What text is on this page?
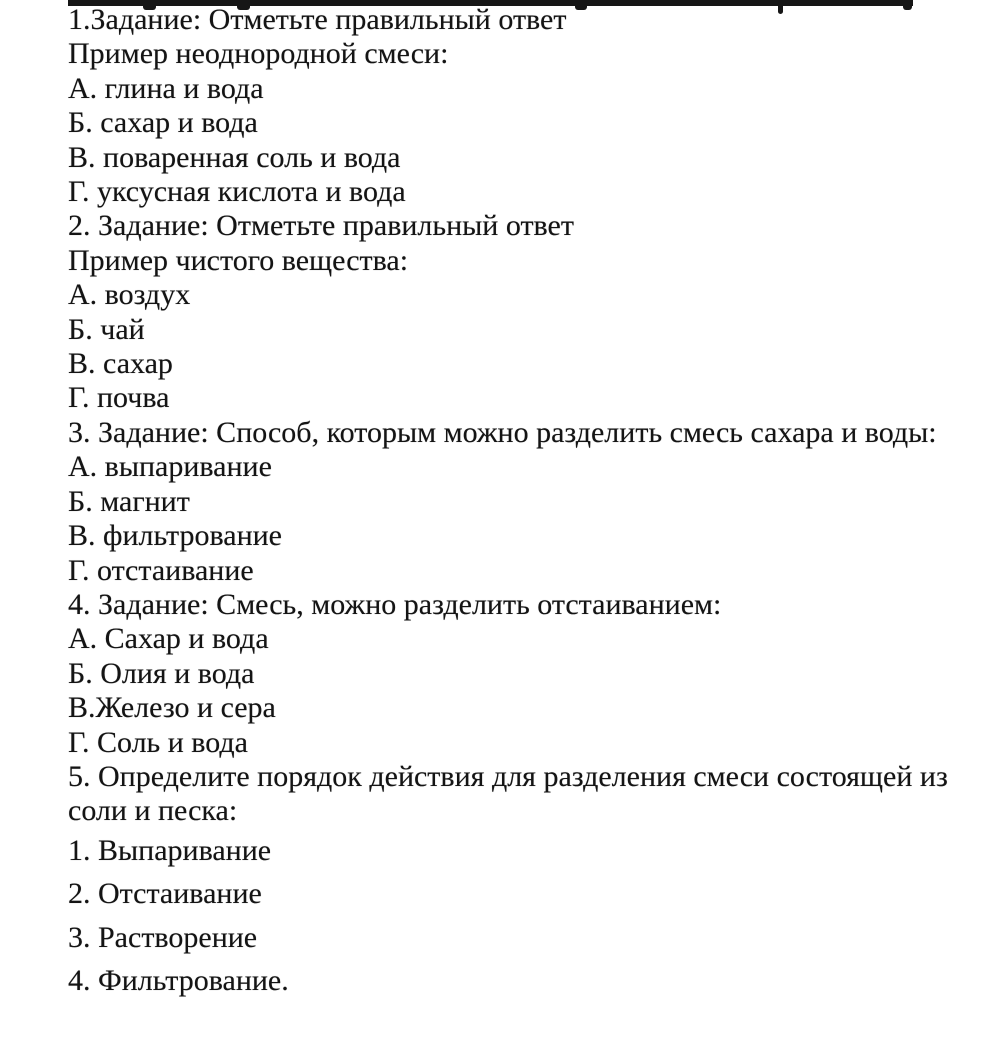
1.Задание: Отметьте правильный ответ

Пример неоднородной смеси:

А. глина и вода

Б. сахар и вода

В. поваренная соль и вода

Г. уксусная кислота и вода

2. Задание: Отметьте правильный ответ

Пример чистого вещества:

А. воздух

Б. чай

В. сахар

Г. почва

3. Задание: Способ, которым можно разделить смесь сахара и воды:

А. выпаривание

Б. магнит

В. фильтрование

Г. отстаивание

4. Задание: Смесь, можно разделить отстаиванием:

А. Сахар и вода

Б. Олия и вода

В.Железо и сера

Г. Соль и вода

5. Определите порядок действия для разделения смеси состоящей из

соли и песка:

1. Выпаривание

2. Отстаивание

3. Растворение

4. Фильтрование.
